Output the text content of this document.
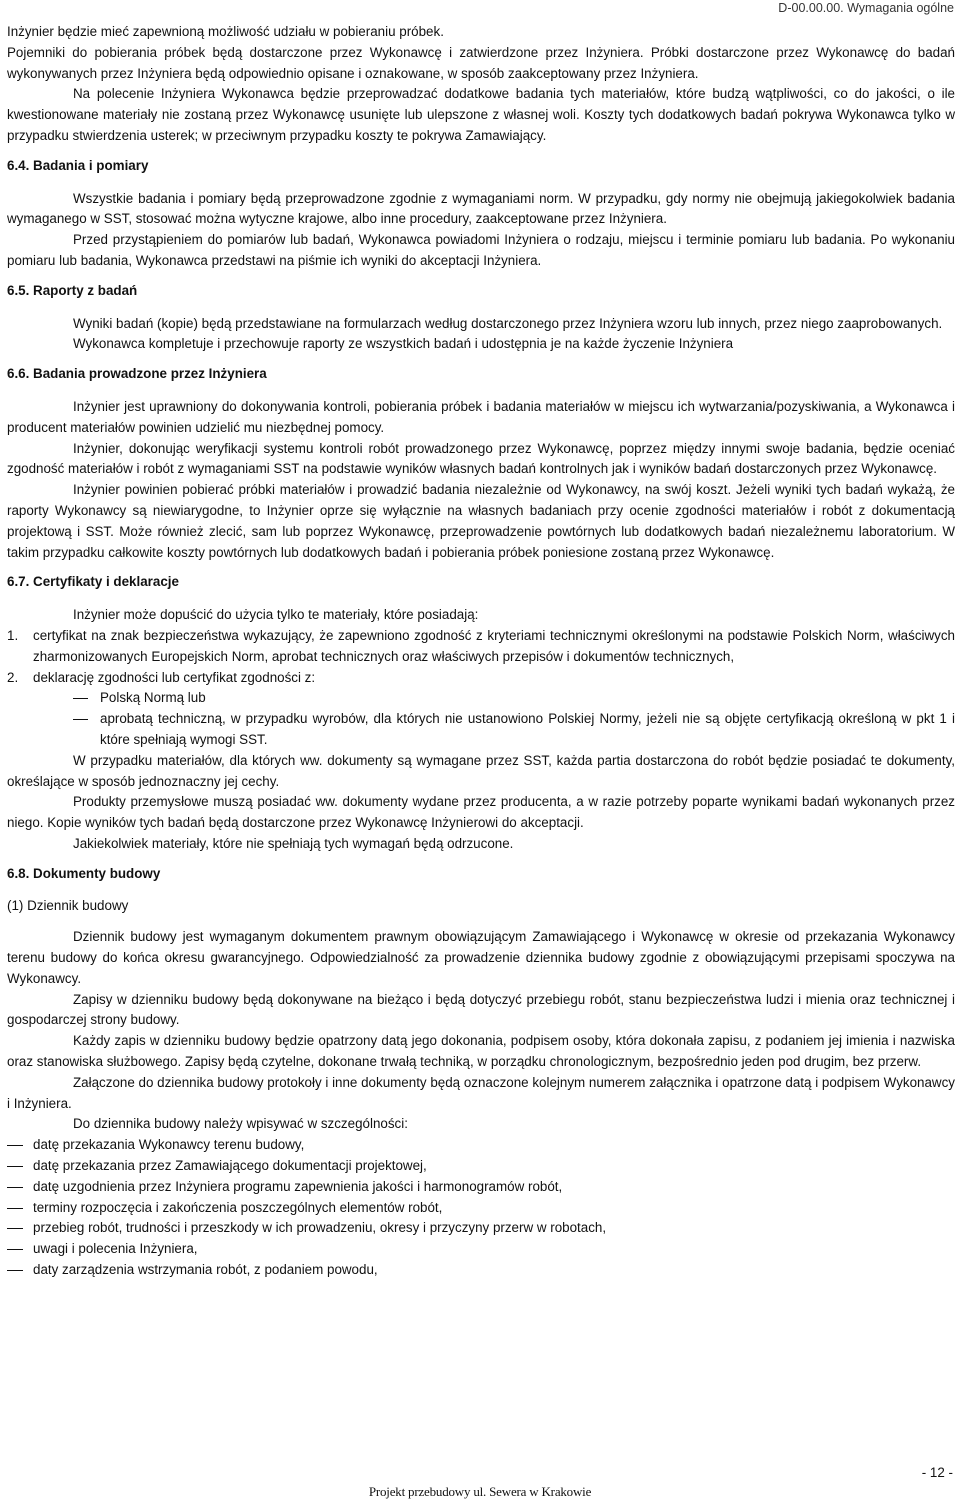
D-00.00.00. Wymagania ogólne

Inżynier będzie mieć zapewnioną możliwość udziału w pobieraniu próbek.

Pojemniki do pobierania próbek będą dostarczone przez Wykonawcę i zatwierdzone przez Inżyniera. Próbki dostarczone przez Wykonawcę do badań wykonywanych przez Inżyniera będą odpowiednio opisane i oznakowane, w sposób zaakceptowany przez Inżyniera.

Na polecenie Inżyniera Wykonawca będzie przeprowadzać dodatkowe badania tych materiałów, które budzą wątpliwości, co do jakości, o ile kwestionowane materiały nie zostaną przez Wykonawcę usunięte lub ulepszone z własnej woli. Koszty tych dodatkowych badań pokrywa Wykonawca tylko w przypadku stwierdzenia usterek; w przeciwnym przypadku koszty te pokrywa Zamawiający.

6.4. Badania i pomiary

Wszystkie badania i pomiary będą przeprowadzone zgodnie z wymaganiami norm. W przypadku, gdy normy nie obejmują jakiegokolwiek badania wymaganego w SST, stosować można wytyczne krajowe, albo inne procedury, zaakceptowane przez Inżyniera.

Przed przystąpieniem do pomiarów lub badań, Wykonawca powiadomi Inżyniera o rodzaju, miejscu i terminie pomiaru lub badania. Po wykonaniu pomiaru lub badania, Wykonawca przedstawi na piśmie ich wyniki do akceptacji Inżyniera.

6.5. Raporty z badań

Wyniki badań (kopie) będą przedstawiane na formularzach według dostarczonego przez Inżyniera wzoru lub innych, przez niego zaaprobowanych.

Wykonawca kompletuje i przechowuje raporty ze wszystkich badań i udostępnia je na każde życzenie Inżyniera

6.6. Badania prowadzone przez Inżyniera

Inżynier jest uprawniony do dokonywania kontroli, pobierania próbek i badania materiałów w miejscu ich wytwarzania/pozyskiwania, a Wykonawca i producent materiałów powinien udzielić mu niezbędnej pomocy.

Inżynier, dokonując weryfikacji systemu kontroli robót prowadzonego przez Wykonawcę, poprzez między innymi swoje badania, będzie oceniać zgodność materiałów i robót z wymaganiami SST na podstawie wyników własnych badań kontrolnych jak i wyników badań dostarczonych przez Wykonawcę.

Inżynier powinien pobierać próbki materiałów i prowadzić badania niezależnie od Wykonawcy, na swój koszt. Jeżeli wyniki tych badań wykażą, że raporty Wykonawcy są niewiarygodne, to Inżynier oprze się wyłącznie na własnych badaniach przy ocenie zgodności materiałów i robót z dokumentacją projektową i SST. Może również zlecić, sam lub poprzez Wykonawcę, przeprowadzenie powtórnych lub dodatkowych badań niezależnemu laboratorium. W takim przypadku całkowite koszty powtórnych lub dodatkowych badań i pobierania próbek poniesione zostaną przez Wykonawcę.

6.7. Certyfikaty i deklaracje

Inżynier może dopuścić do użycia tylko te materiały, które posiadają:

1. certyfikat na znak bezpieczeństwa wykazujący, że zapewniono zgodność z kryteriami technicznymi określonymi na podstawie Polskich Norm, właściwych zharmonizowanych Europejskich Norm, aprobat technicznych oraz właściwych przepisów i dokumentów technicznych,
2. deklarację zgodności lub certyfikat zgodności z:
Polską Normą lub
aprobatą techniczną, w przypadku wyrobów, dla których nie ustanowiono Polskiej Normy, jeżeli nie są objęte certyfikacją określoną w pkt 1 i które spełniają wymogi SST.

W przypadku materiałów, dla których ww. dokumenty są wymagane przez SST, każda partia dostarczona do robót będzie posiadać te dokumenty, określające w sposób jednoznaczny jej cechy.

Produkty przemysłowe muszą posiadać ww. dokumenty wydane przez producenta, a w razie potrzeby poparte wynikami badań wykonanych przez niego. Kopie wyników tych badań będą dostarczone przez Wykonawcę Inżynierowi do akceptacji.

Jakiekolwiek materiały, które nie spełniają tych wymagań będą odrzucone.

6.8. Dokumenty budowy

(1) Dziennik budowy

Dziennik budowy jest wymaganym dokumentem prawnym obowiązującym Zamawiającego i Wykonawcę w okresie od przekazania Wykonawcy terenu budowy do końca okresu gwarancyjnego. Odpowiedzialność za prowadzenie dziennika budowy zgodnie z obowiązującymi przepisami spoczywa na Wykonawcy.

Zapisy w dzienniku budowy będą dokonywane na bieżąco i będą dotyczyć przebiegu robót, stanu bezpieczeństwa ludzi i mienia oraz technicznej i gospodarczej strony budowy.

Każdy zapis w dzienniku budowy będzie opatrzony datą jego dokonania, podpisem osoby, która dokonała zapisu, z podaniem jej imienia i nazwiska oraz stanowiska służbowego. Zapisy będą czytelne, dokonane trwałą techniką, w porządku chronologicznym, bezpośrednio jeden pod drugim, bez przerw.

Załączone do dziennika budowy protokoły i inne dokumenty będą oznaczone kolejnym numerem załącznika i opatrzone datą i podpisem Wykonawcy i Inżyniera.

Do dziennika budowy należy wpisywać w szczególności:

datę przekazania Wykonawcy terenu budowy,
datę przekazania przez Zamawiającego dokumentacji projektowej,
datę uzgodnienia przez Inżyniera programu zapewnienia jakości i harmonogramów robót,
terminy rozpoczęcia i zakończenia poszczególnych elementów robót,
przebieg robót, trudności i przeszkody w ich prowadzeniu, okresy i przyczyny przerw w robotach,
uwagi i polecenia Inżyniera,
daty zarządzenia wstrzymania robót, z podaniem powodu,
- 12 -
Projekt przebudowy ul. Sewera w Krakowie
